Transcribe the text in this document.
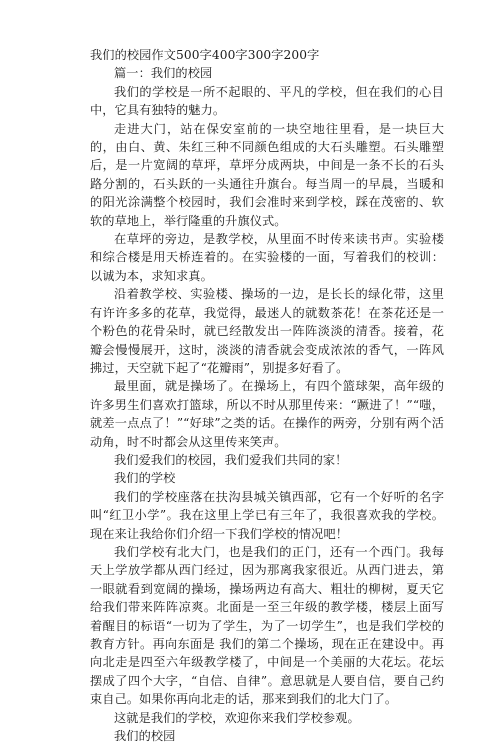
我们的校园作文500字400字300字200字

篇一：我们的校园

我们的学校是一所不起眼的、平凡的学校，但在我们的心目中，它具有独特的魅力。

走进大门，站在保安室前的一块空地往里看，是一块巨大的，由白、黄、朱红三种不同颜色组成的大石头雕塑。石头雕塑后，是一片宽阔的草坪，草坪分成两块，中间是一条不长的石头路分割的，石头跃的一头通往升旗台。每当周一的早晨，当暖和的阳光涂满整个校园时，我们会准时来到学校，踩在茂密的、软软的草地上，举行隆重的升旗仪式。

在草坪的旁边，是教学校，从里面不时传来读书声。实验楼和综合楼是用天桥连着的。在实验楼的一面，写着我们的校训：以诚为本，求知求真。

沿着教学校、实验楼、操场的一边，是长长的绿化带，这里有许许多多的花草，我觉得，最迷人的就数茶花！在茶花还是一个粉色的花骨朵时，就已经散发出一阵阵淡淡的清香。接着，花瓣会慢慢展开，这时，淡淡的清香就会变成浓浓的香气，一阵风拂过，天空就下起了“花瓣雨”，别提多好看了。

最里面，就是操场了。在操场上，有四个篮球架，高年级的许多男生们喜欢打篮球，所以不时从那里传来：“蹶进了！”“嗤，就差一点点了！”“好球”之类的话。在操作的两旁，分别有两个活动角，时不时都会从这里传来笑声。

我们爱我们的校园，我们爱我们共同的家！

我们的学校

我们的学校座落在扶沟县城关镇西部，它有一个好听的名字叫“红卫小学”。我在这里上学已有三年了，我很喜欢我的学校。现在来让我给你们介绍一下我们学校的情况吧！

我们学校有北大门，也是我们的正门，还有一个西门。我每天上学放学都从西门经过，因为那离我家很近。从西门进去，第一眼就看到宽阔的操场，操场两边有高大、粗壮的柳树，夏天它给我们带来阵阵凉爽。北面是一至三年级的教学楼，楼层上面写着醒目的标语“一切为了学生，为了一切学生”，也是我们学校的教育方针。再向东面是 我们的第二个操场，现在正在建设中。再向北走是四至六年级教学楼了，中间是一个美丽的大花坛。花坛摆成了四个大字，“自信、自律”。意思就是人要自信，要自己约束自己。如果你再向北走的话，那来到我们的北大门了。

这就是我们的学校，欢迎你来我们学校参观。

我们的校园
